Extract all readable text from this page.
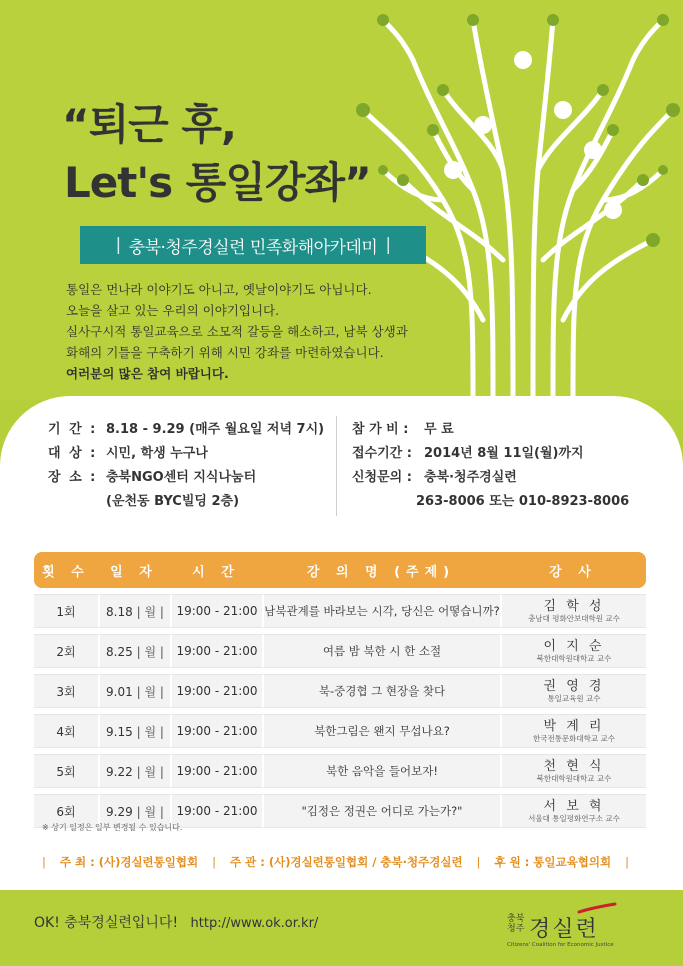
“퇴근 후,
Let's 통일강좌”
| 충북·청주경실련 민족화해아카데미 |

통일은 먼나라 이야기도 아니고, 옛날이야기도 아닙니다.

오늘을 살고 있는 우리의 이야기입니다.

실사구시적 통일교육으로 소모적 갈등을 해소하고, 남북 상생과

화해의 기틀을 구축하기 위해 시민 강좌를 마련하였습니다.

여러분의 많은 참여 바랍니다.

기 간 : 8.18 - 9.29 (매주 월요일 저녁 7시)
대 상 : 시민, 학생 누구나
장 소 : 충북NGO센터 지식나눔터
(운천동 BYC빌딩 2층)
참 가 비 :	무 료
접수기간 : 2014년 8월 11일(월)까지
신청문의 : 충북·청주경실련
263-8006 또는 010-8923-8006
횟 수	일 자	시 간	강 의 명 (주제)	강 사
1회	8.18 | 월 |	19:00 - 21:00	남북관계를 바라보는 시각, 당신은 어떻습니까?	김 학 성
충남대 평화안보대학원 교수

2회	8.25 | 월 |	19:00 - 21:00	여름 밤 북한 시 한 소절	이 지 순
북한대학원대학교 교수

3회	9.01 | 월 |	19:00 - 21:00	북-중경협 그 현장을 찾다	권 영 경
통일교육원 교수

4회	9.15 | 월 |	19:00 - 21:00	북한그림은 왠지 무섭나요?	박 계 리
한국전통문화대학교 교수

5회	9.22 | 월 |	19:00 - 21:00	북한 음악을 들어보자!	천 현 식
북한대학원대학교 교수

6회	9.29 | 월 |	19:00 - 21:00	"김정은 정권은 어디로 가는가?"	서 보 혁
서울대 통일평화연구소 교수
※ 상기 일정은 일부 변경될 수 있습니다.
| 주 최 : (사)경실련통일협회 | 주 관 : (사)경실련통일협회 / 충북·청주경실련 | 후 원 : 통일교육협의회 |
OK! 충북경실련입니다! http://www.ok.or.kr/	충북
청주 경실련
Citizens' Coalition for Economic Justice
